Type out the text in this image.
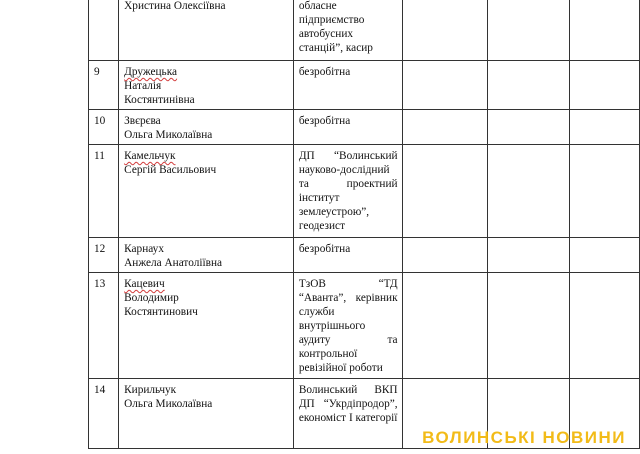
	Христина Олексіївна	обласне підприємство автобусних станцій”, касир			

9	Дружецька
Наталія
Костянтинівна	безробітна			

10	Звєрєва
Ольга Миколаївна	безробітна			

11	Камельчук
Сергій Васильович	ДП “Волинський науково-дослідний та проектний інститут землеустрою”, геодезист			

12	Карнаух
Анжела Анатоліївна	безробітна			

13	Кацевич
Володимир
Костянтинович	ТзОВ “ТД “Аванта”, керівник служби внутрішнього аудиту та контрольної ревізійної роботи			

14	Кирильчук
Ольга Миколаївна	Волинський ВКП ДП “Укрдіпродор”, економіст І категорії			

ВОЛИНСЬКІ НОВИНИ
